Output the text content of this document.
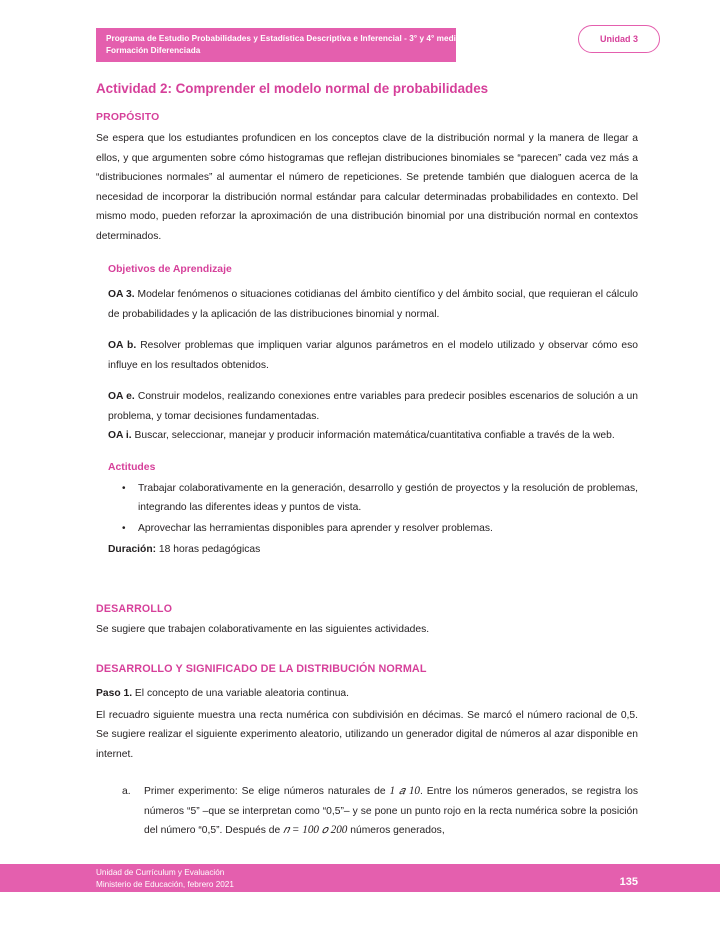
Programa de Estudio Probabilidades y Estadística Descriptiva e Inferencial - 3° y 4° medio
Formación Diferenciada
Unidad 3
Actividad 2: Comprender el modelo normal de probabilidades
PROPÓSITO

Se espera que los estudiantes profundicen en los conceptos clave de la distribución normal y la manera de llegar a ellos, y que argumenten sobre cómo histogramas que reflejan distribuciones binomiales se “parecen” cada vez más a “distribuciones normales” al aumentar el número de repeticiones. Se pretende también que dialoguen acerca de la necesidad de incorporar la distribución normal estándar para calcular determinadas probabilidades en contexto. Del mismo modo, pueden reforzar la aproximación de una distribución binomial por una distribución normal en contextos determinados.

Objetivos de Aprendizaje
OA 3. Modelar fenómenos o situaciones cotidianas del ámbito científico y del ámbito social, que requieran el cálculo de probabilidades y la aplicación de las distribuciones binomial y normal.
OA b. Resolver problemas que impliquen variar algunos parámetros en el modelo utilizado y observar cómo eso influye en los resultados obtenidos.
OA e. Construir modelos, realizando conexiones entre variables para predecir posibles escenarios de solución a un problema, y tomar decisiones fundamentadas.
OA i. Buscar, seleccionar, manejar y producir información matemática/cuantitativa confiable a través de la web.
Actitudes
• Trabajar colaborativamente en la generación, desarrollo y gestión de proyectos y la resolución de problemas, integrando las diferentes ideas y puntos de vista.
• Aprovechar las herramientas disponibles para aprender y resolver problemas.
Duración: 18 horas pedagógicas
DESARROLLO

Se sugiere que trabajen colaborativamente en las siguientes actividades.

DESARROLLO Y SIGNIFICADO DE LA DISTRIBUCIÓN NORMAL
Paso 1. El concepto de una variable aleatoria continua.

El recuadro siguiente muestra una recta numérica con subdivisión en décimas. Se marcó el número racional de 0,5. Se sugiere realizar el siguiente experimento aleatorio, utilizando un generador digital de números al azar disponible en internet.

Primer experimento: Se elige números naturales de 1 𝑎 10. Entre los números generados, se registra los números “5” –que se interpretan como “0,5”– y se pone un punto rojo en la recta numérica sobre la posición del número “0,5”. Después de 𝑛 = 100 𝑜 200 números generados,
Unidad de Currículum y Evaluación
Ministerio de Educación, febrero 2021	135
